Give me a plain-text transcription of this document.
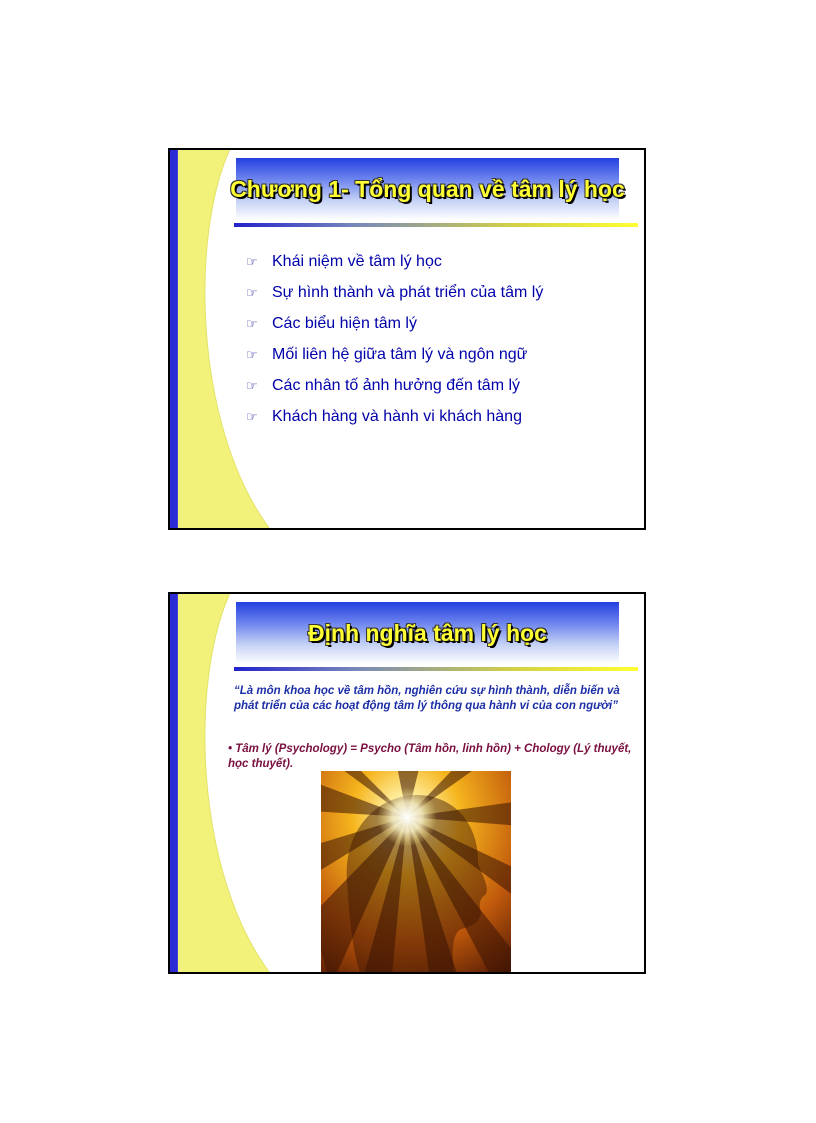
Chương 1- Tổng quan về tâm lý học
☞ Khái niệm về tâm lý học
☞ Sự hình thành và phát triển của tâm lý
☞ Các biểu hiện tâm lý
☞ Mối liên hệ giữa tâm lý và ngôn ngữ
☞ Các nhân tố ảnh hưởng đến tâm lý
☞ Khách hàng và hành vi khách hàng
Định nghĩa tâm lý học
“Là môn khoa học về tâm hồn, nghiên cứu sự hình thành, diễn biến và phát triển của các hoạt động tâm lý thông qua hành vi của con người”
• Tâm lý (Psychology) = Psycho (Tâm hồn, linh hồn) + Chology (Lý thuyết, học thuyết).
